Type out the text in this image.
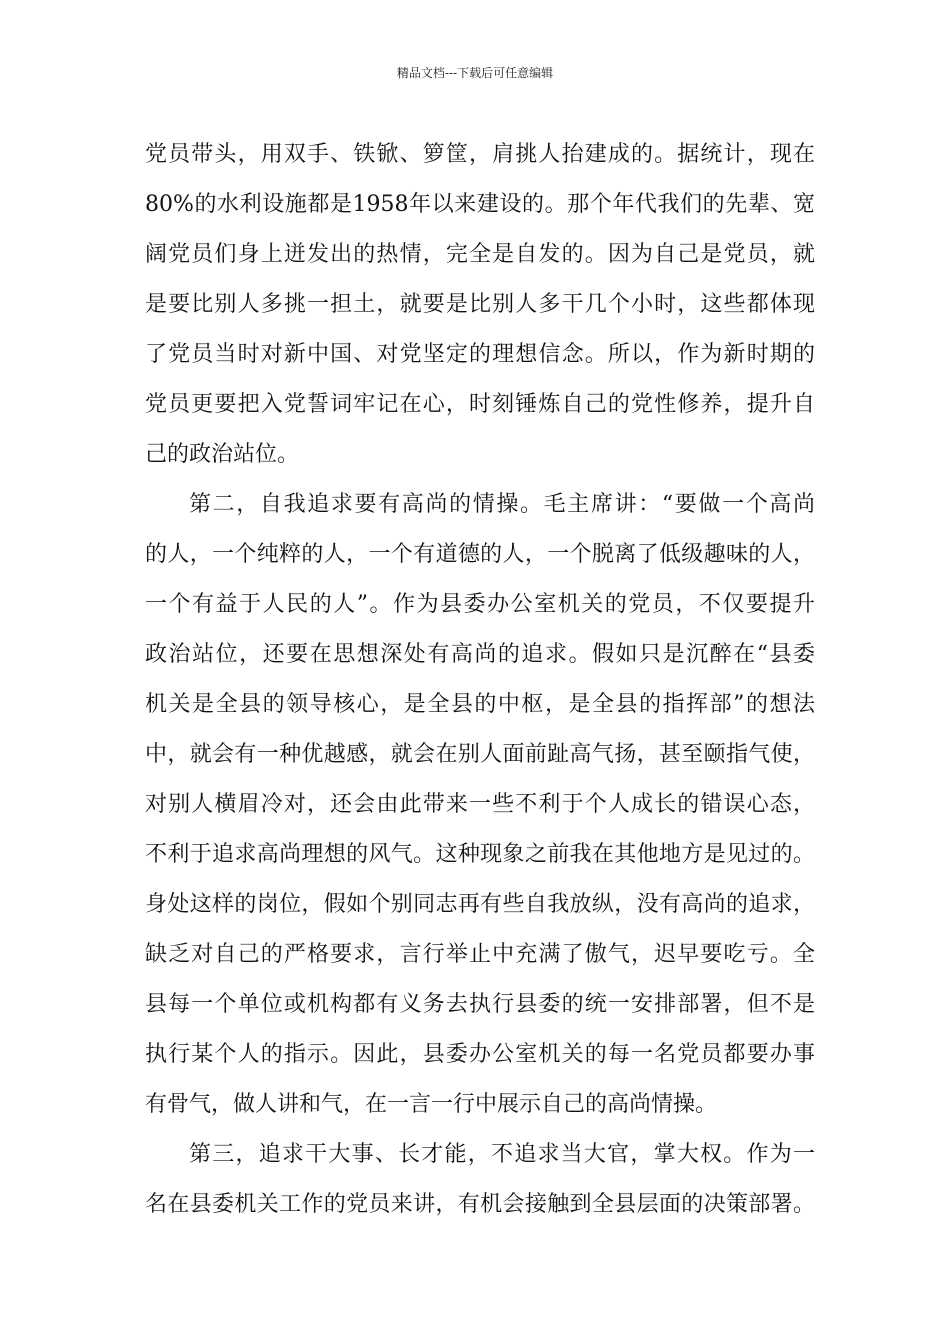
精品文档---下载后可任意编辑
党员带头，用双手、铁锨、箩筐，肩挑人抬建成的。据统计，现在
80%的水利设施都是1958年以来建设的。那个年代我们的先辈、宽
阔党员们身上迸发出的热情，完全是自发的。因为自己是党员，就
是要比别人多挑一担土，就要是比别人多干几个小时，这些都体现
了党员当时对新中国、对党坚定的理想信念。所以，作为新时期的
党员更要把入党誓词牢记在心，时刻锤炼自己的党性修养，提升自
己的政治站位。
第二，自我追求要有高尚的情操。毛主席讲：“要做一个高尚
的人，一个纯粹的人，一个有道德的人，一个脱离了低级趣味的人，
一个有益于人民的人”。作为县委办公室机关的党员，不仅要提升
政治站位，还要在思想深处有高尚的追求。假如只是沉醉在“县委
机关是全县的领导核心，是全县的中枢，是全县的指挥部”的想法
中，就会有一种优越感，就会在别人面前趾高气扬，甚至颐指气使，
对别人横眉冷对，还会由此带来一些不利于个人成长的错误心态，
不利于追求高尚理想的风气。这种现象之前我在其他地方是见过的。
身处这样的岗位，假如个别同志再有些自我放纵，没有高尚的追求，
缺乏对自己的严格要求，言行举止中充满了傲气，迟早要吃亏。全
县每一个单位或机构都有义务去执行县委的统一安排部署，但不是
执行某个人的指示。因此，县委办公室机关的每一名党员都要办事
有骨气，做人讲和气，在一言一行中展示自己的高尚情操。
第三，追求干大事、长才能，不追求当大官，掌大权。作为一
名在县委机关工作的党员来讲，有机会接触到全县层面的决策部署。
